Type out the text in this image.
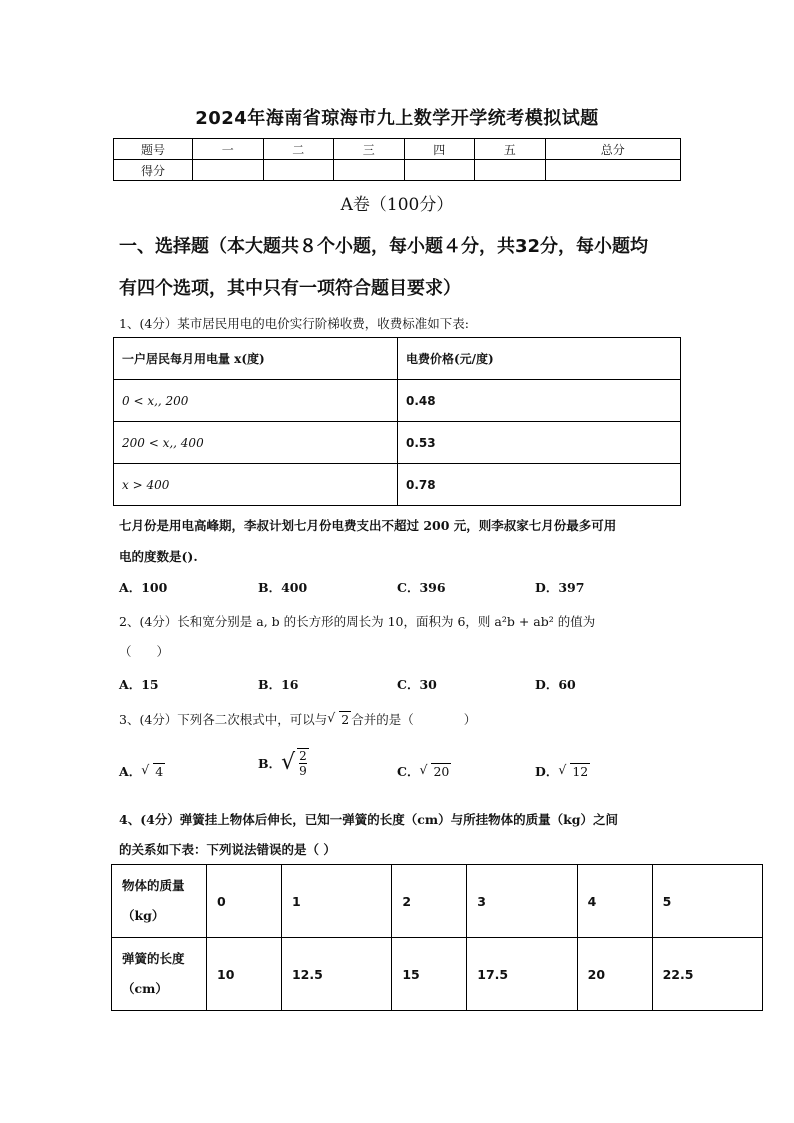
2024年海南省琼海市九上数学开学统考模拟试题
题号	一	二	三	四	五	总分
得分						
A卷（100分）
一、选择题（本大题共８个小题，每小题４分，共32分，每小题均
有四个选项，其中只有一项符合题目要求）
1、(4分）某市居民用电的电价实行阶梯收费，收费标准如下表:
一户居民每月用电量 x(度)	电费价格(元/度)
0 < x,, 200	0.48
200 < x,, 400	0.53
x > 400	0.78
七月份是用电高峰期，李叔计划七月份电费支出不超过 200 元，则李叔家七月份最多可用
电的度数是().
A．100	B．400	C．396	D．397
2、(4分）长和宽分别是 a, b 的长方形的周长为 10，面积为 6，则 a²b + ab² 的值为
（　　）
A．15	B．16	C．30	D．60
3、(4分）下列各二次根式中，可以与 √ 2 合并的是（　　　　）
A． √ 4
B． √ $\frac{2}{9}$	C． √ 20	D． √ 12
4、(4分）弹簧挂上物体后伸长，已知一弹簧的长度（cm）与所挂物体的质量（kg）之间
的关系如下表：下列说法错误的是（ ）
物体的质量
（kg）	0	1	2	3	4	5
弹簧的长度
（cm）	10	12.5	15	17.5	20	22.5
